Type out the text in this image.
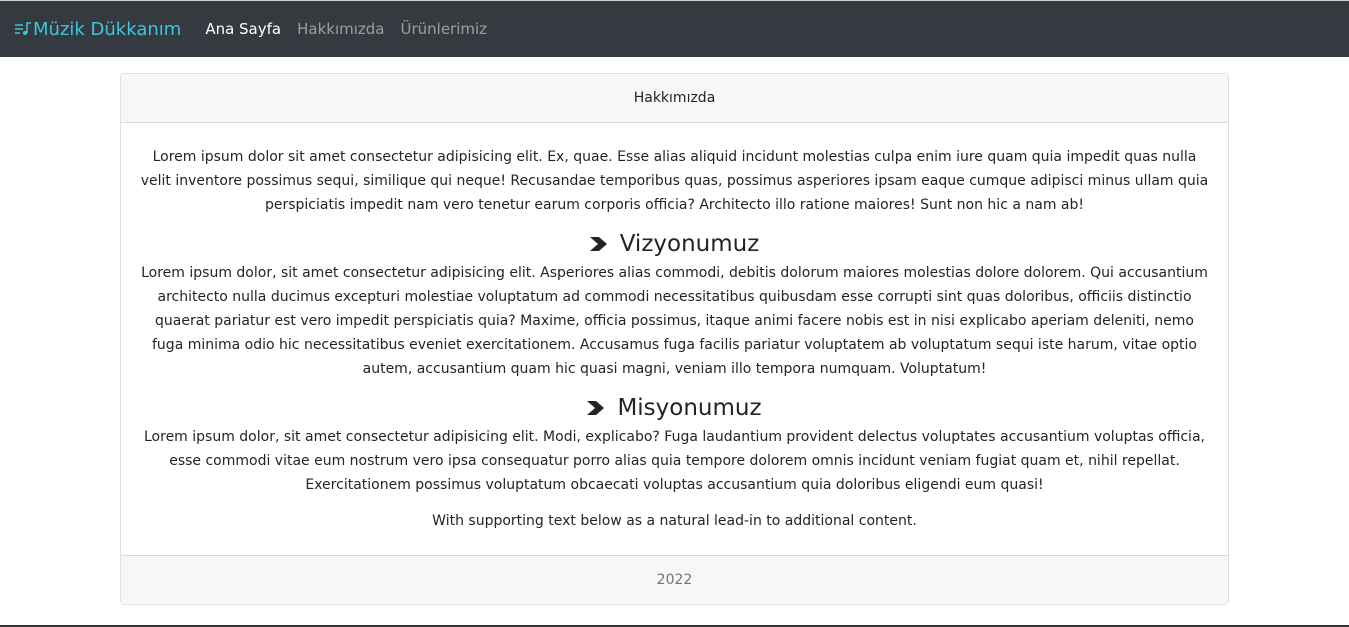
Müzik Dükkanım Ana Sayfa Hakkımızda Ürünlerimiz
Hakkımızda

Lorem ipsum dolor sit amet consectetur adipisicing elit. Ex, quae. Esse alias aliquid incidunt molestias culpa enim iure quam quia impedit quas nulla velit inventore possimus sequi, similique qui neque! Recusandae temporibus quas, possimus asperiores ipsam eaque cumque adipisci minus ullam quia perspiciatis impedit nam vero tenetur earum corporis officia? Architecto illo ratione maiores! Sunt non hic a nam ab!

Vizyonumuz

Lorem ipsum dolor, sit amet consectetur adipisicing elit. Asperiores alias commodi, debitis dolorum maiores molestias dolore dolorem. Qui accusantium architecto nulla ducimus excepturi molestiae voluptatum ad commodi necessitatibus quibusdam esse corrupti sint quas doloribus, officiis distinctio quaerat pariatur est vero impedit perspiciatis quia? Maxime, officia possimus, itaque animi facere nobis est in nisi explicabo aperiam deleniti, nemo fuga minima odio hic necessitatibus eveniet exercitationem. Accusamus fuga facilis pariatur voluptatem ab voluptatum sequi iste harum, vitae optio autem, accusantium quam hic quasi magni, veniam illo tempora numquam. Voluptatum!

Misyonumuz

Lorem ipsum dolor, sit amet consectetur adipisicing elit. Modi, explicabo? Fuga laudantium provident delectus voluptates accusantium voluptas officia, esse commodi vitae eum nostrum vero ipsa consequatur porro alias quia tempore dolorem omnis incidunt veniam fugiat quam et, nihil repellat. Exercitationem possimus voluptatum obcaecati voluptas accusantium quia doloribus eligendi eum quasi!

With supporting text below as a natural lead-in to additional content.

2022
